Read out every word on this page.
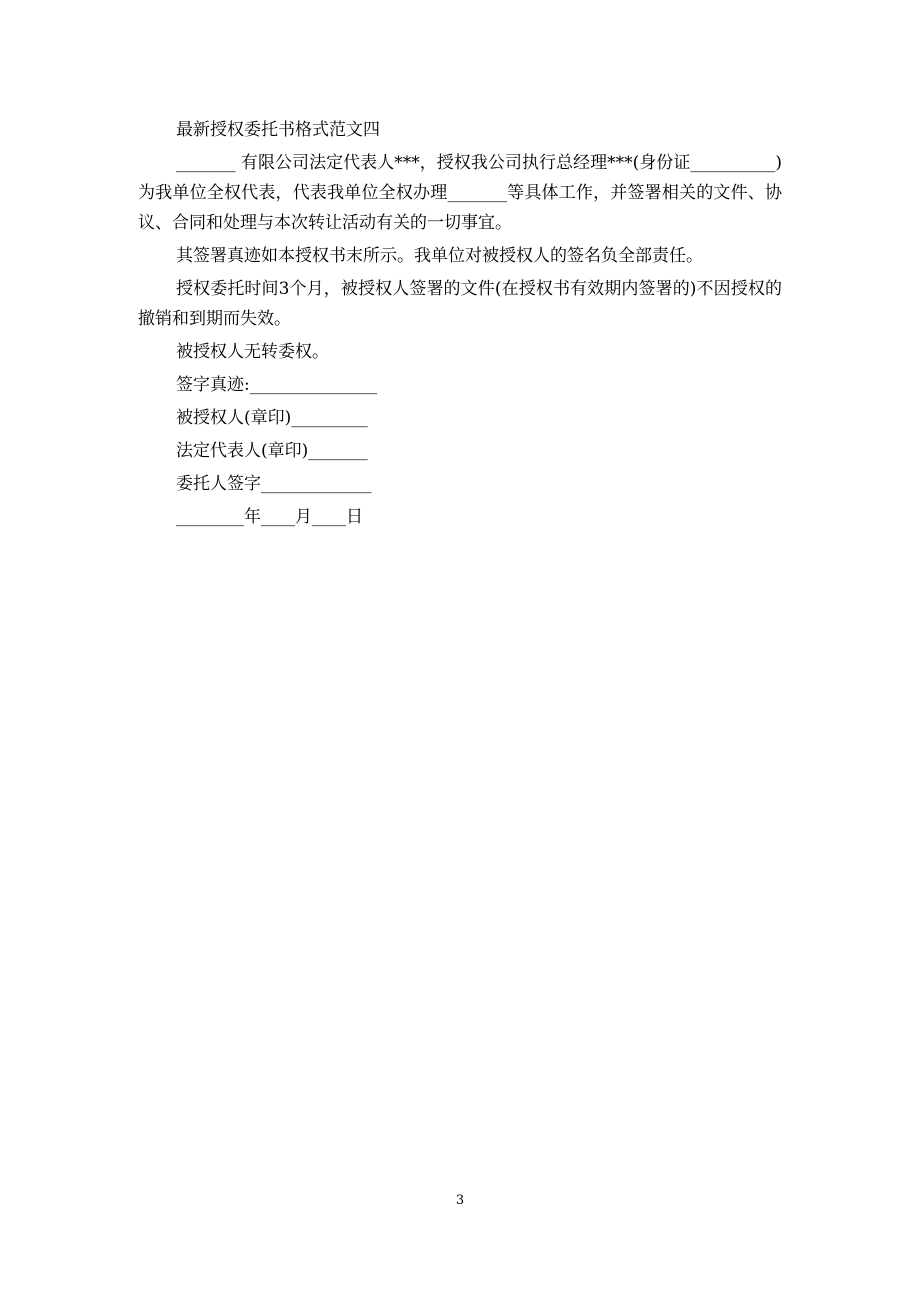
最新授权委托书格式范文四

_______ 有限公司法定代表人***，授权我公司执行总经理***(身份证__________)为我单位全权代表，代表我单位全权办理_______等具体工作，并签署相关的文件、协议、合同和处理与本次转让活动有关的一切事宜。

其签署真迹如本授权书末所示。我单位对被授权人的签名负全部责任。

授权委托时间3个月，被授权人签署的文件(在授权书有效期内签署的)不因授权的撤销和到期而失效。

被授权人无转委权。

签字真迹:_______________

被授权人(章印)_________

法定代表人(章印)_______

委托人签字_____________

________年____月____日

3
